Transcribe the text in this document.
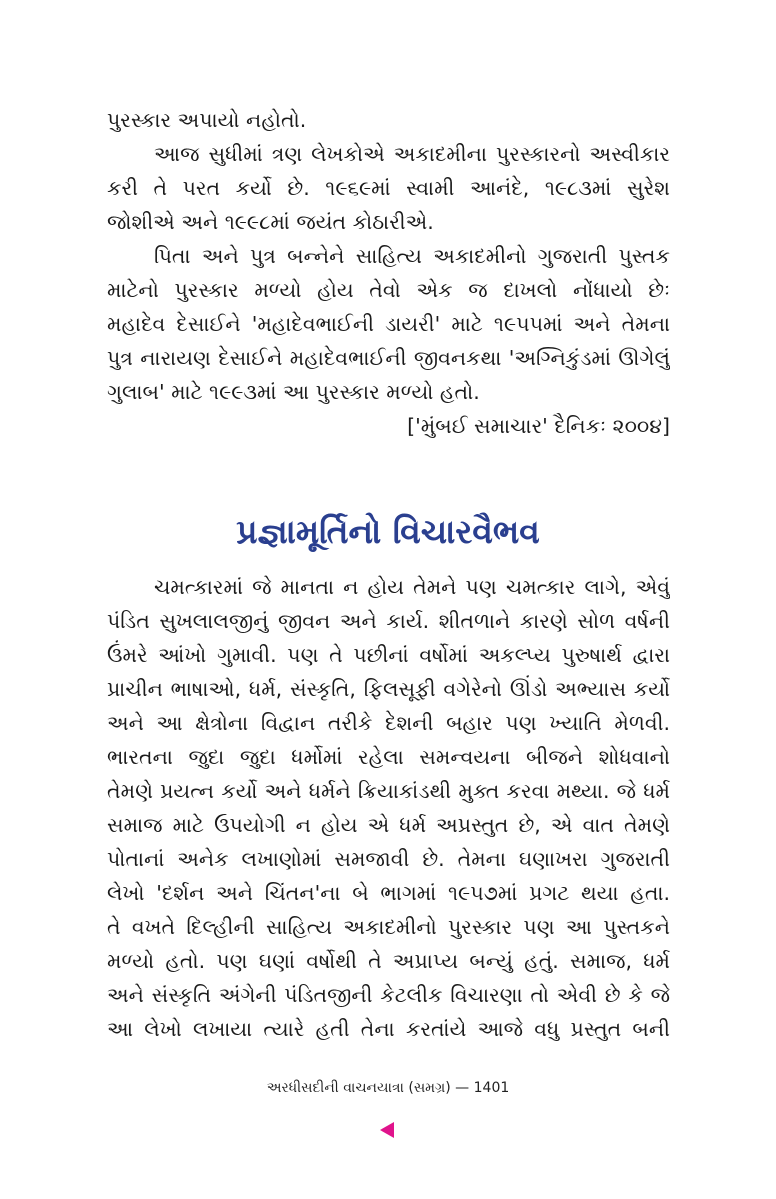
પુરસ્કાર અપાયો નહોતો.
આજ સુધીમાં ત્રણ લેખકોએ અકાદમીના પુરસ્કારનો અસ્વીકાર
કરી તે પરત કર્યો છે. ૧૯૬૯માં સ્વામી આનંદે, ૧૯૮૩માં સુરેશ
જોશીએ અને ૧૯૯૮માં જયંત કોઠારીએ.
પિતા અને પુત્ર બન્નેને સાહિત્ય અકાદમીનો ગુજરાતી પુસ્તક
માટેનો પુરસ્કાર મળ્યો હોય તેવો એક જ દાખલો નોંધાયો છેઃ
મહાદેવ દેસાઈને 'મહાદેવભાઈની ડાયરી' માટે ૧૯૫૫માં અને તેમના
પુત્ર નારાયણ દેસાઈને મહાદેવભાઈની જીવનકથા 'અગ્નિકુંડમાં ઊગેલું
ગુલાબ' માટે ૧૯૯૩માં આ પુરસ્કાર મળ્યો હતો.
['મુંબઈ સમાચાર' દૈનિકઃ ૨૦૦૪]
પ્રજ્ઞામૂર્તિનો વિચારવૈભવ
ચમત્કારમાં જે માનતા ન હોય તેમને પણ ચમત્કાર લાગે, એવું
પંડિત સુખલાલજીનું જીવન અને કાર્ય. શીતળાને કારણે સોળ વર્ષની
ઉંમરે આંખો ગુમાવી. પણ તે પછીનાં વર્ષોમાં અકલ્પ્ય પુરુષાર્થ દ્વારા
પ્રાચીન ભાષાઓ, ધર્મ, સંસ્કૃતિ, ફિલસૂફી વગેરેનો ઊંડો અભ્યાસ કર્યો
અને આ ક્ષેત્રોના વિદ્વાન તરીકે દેશની બહાર પણ ખ્યાતિ મેળવી.
ભારતના જુદા જુદા ધર્મોમાં રહેલા સમન્વયના બીજને શોધવાનો
તેમણે પ્રયત્ન કર્યો અને ધર્મને ક્રિયાકાંડથી મુક્ત કરવા મથ્યા. જે ધર્મ
સમાજ માટે ઉપયોગી ન હોય એ ધર્મ અપ્રસ્તુત છે, એ વાત તેમણે
પોતાનાં અનેક લખાણોમાં સમજાવી છે. તેમના ઘણાખરા ગુજરાતી
લેખો 'દર્શન અને ચિંતન'ના બે ભાગમાં ૧૯૫૭માં પ્રગટ થયા હતા.
તે વખતે દિલ્હીની સાહિત્ય અકાદમીનો પુરસ્કાર પણ આ પુસ્તકને
મળ્યો હતો. પણ ઘણાં વર્ષોથી તે અપ્રાપ્ય બન્યું હતું. સમાજ, ધર્મ
અને સંસ્કૃતિ અંગેની પંડિતજીની કેટલીક વિચારણા તો એવી છે કે જે
આ લેખો લખાયા ત્યારે હતી તેના કરતાંયે આજે વધુ પ્રસ્તુત બની
અરધીસદીની વાચનયાત્રા (સમગ્ર) — 1401
